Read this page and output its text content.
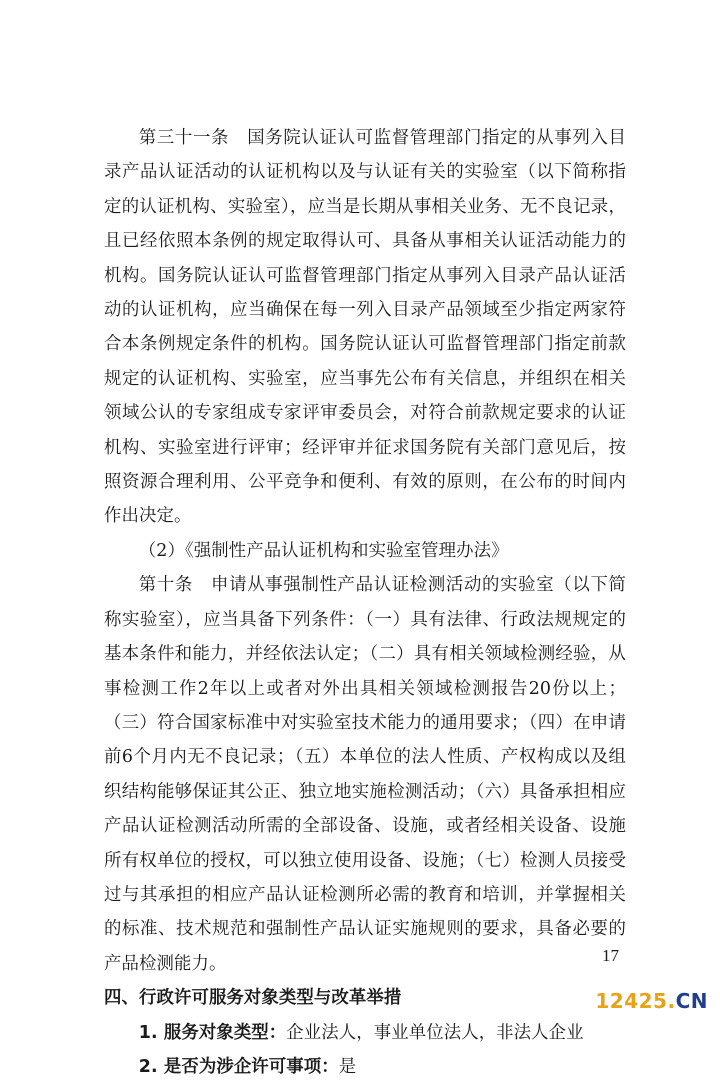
第三十一条　国务院认证认可监督管理部门指定的从事列入目录产品认证活动的认证机构以及与认证有关的实验室（以下简称指定的认证机构、实验室），应当是长期从事相关业务、无不良记录，且已经依照本条例的规定取得认可、具备从事相关认证活动能力的机构。国务院认证认可监督管理部门指定从事列入目录产品认证活动的认证机构，应当确保在每一列入目录产品领域至少指定两家符合本条例规定条件的机构。国务院认证认可监督管理部门指定前款规定的认证机构、实验室，应当事先公布有关信息，并组织在相关领域公认的专家组成专家评审委员会，对符合前款规定要求的认证机构、实验室进行评审；经评审并征求国务院有关部门意见后，按照资源合理利用、公平竞争和便利、有效的原则，在公布的时间内作出决定。

（2）《强制性产品认证机构和实验室管理办法》

第十条　申请从事强制性产品认证检测活动的实验室（以下简称实验室），应当具备下列条件：（一）具有法律、行政法规规定的基本条件和能力，并经依法认定；（二）具有相关领域检测经验，从事检测工作2年以上或者对外出具相关领域检测报告20份以上；（三）符合国家标准中对实验室技术能力的通用要求；（四）在申请前6个月内无不良记录；（五）本单位的法人性质、产权构成以及组织结构能够保证其公正、独立地实施检测活动；（六）具备承担相应产品认证检测活动所需的全部设备、设施，或者经相关设备、设施所有权单位的授权，可以独立使用设备、设施；（七）检测人员接受过与其承担的相应产品认证检测所必需的教育和培训，并掌握相关的标准、技术规范和强制性产品认证实施规则的要求，具备必要的产品检测能力。

四、行政许可服务对象类型与改革举措

1. 服务对象类型：企业法人，事业单位法人，非法人企业

2. 是否为涉企许可事项：是

17
12425.CN
